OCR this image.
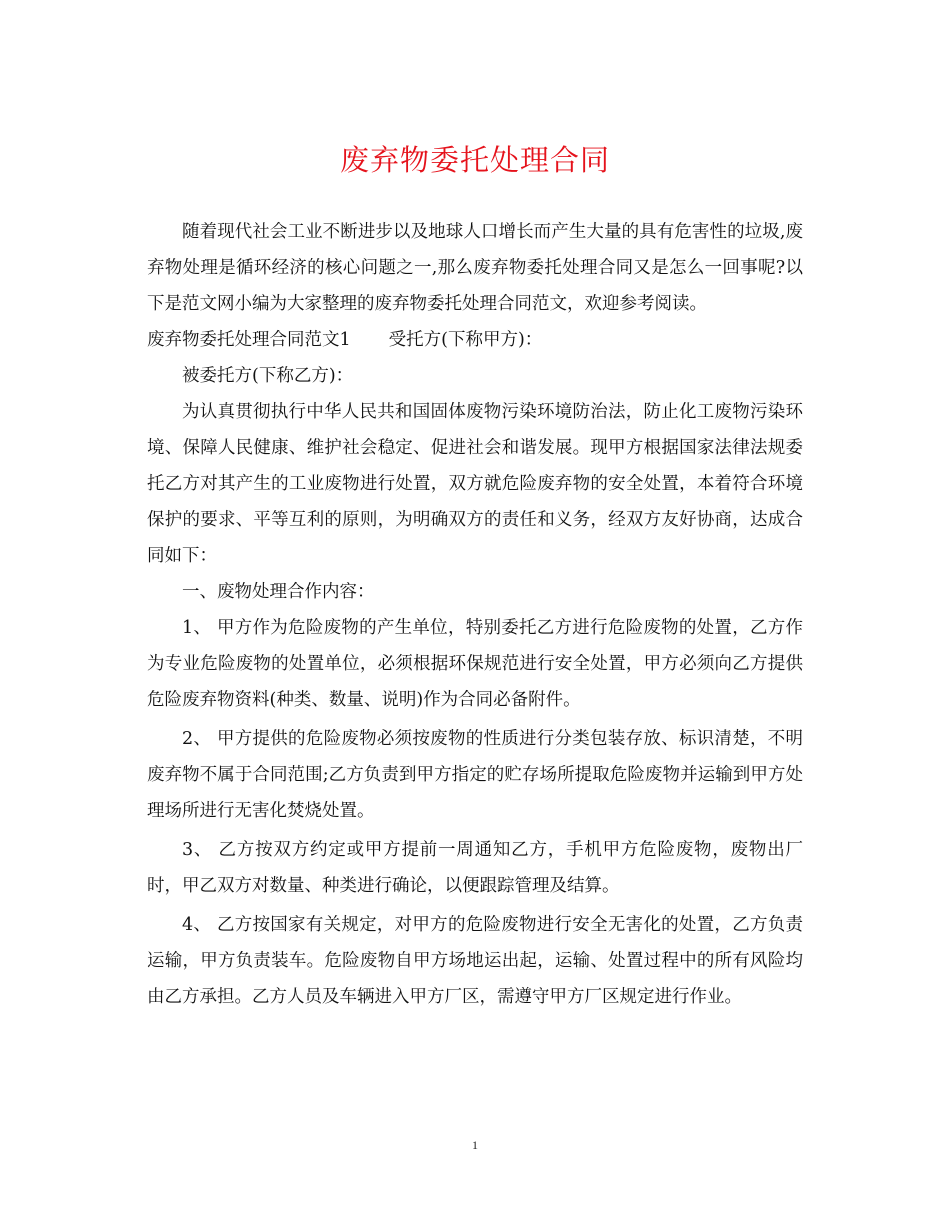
废弃物委托处理合同

随着现代社会工业不断进步以及地球人口增长而产生大量的具有危害性的垃圾,废弃物处理是循环经济的核心问题之一,那么废弃物委托处理合同又是怎么一回事呢?以下是范文网小编为大家整理的废弃物委托处理合同范文，欢迎参考阅读。

废弃物委托处理合同范文1 受托方(下称甲方)：

被委托方(下称乙方)：

为认真贯彻执行中华人民共和国固体废物污染环境防治法，防止化工废物污染环境、保障人民健康、维护社会稳定、促进社会和谐发展。现甲方根据国家法律法规委托乙方对其产生的工业废物进行处置，双方就危险废弃物的安全处置，本着符合环境保护的要求、平等互利的原则，为明确双方的责任和义务，经双方友好协商，达成合同如下：

一、废物处理合作内容：

1、 甲方作为危险废物的产生单位，特别委托乙方进行危险废物的处置，乙方作为专业危险废物的处置单位，必须根据环保规范进行安全处置，甲方必须向乙方提供危险废弃物资料(种类、数量、说明)作为合同必备附件。

2、 甲方提供的危险废物必须按废物的性质进行分类包装存放、标识清楚，不明废弃物不属于合同范围;乙方负责到甲方指定的贮存场所提取危险废物并运输到甲方处理场所进行无害化焚烧处置。

3、 乙方按双方约定或甲方提前一周通知乙方，手机甲方危险废物，废物出厂时，甲乙双方对数量、种类进行确论，以便跟踪管理及结算。

4、 乙方按国家有关规定，对甲方的危险废物进行安全无害化的处置，乙方负责运输，甲方负责装车。危险废物自甲方场地运出起，运输、处置过程中的所有风险均由乙方承担。乙方人员及车辆进入甲方厂区，需遵守甲方厂区规定进行作业。

1
